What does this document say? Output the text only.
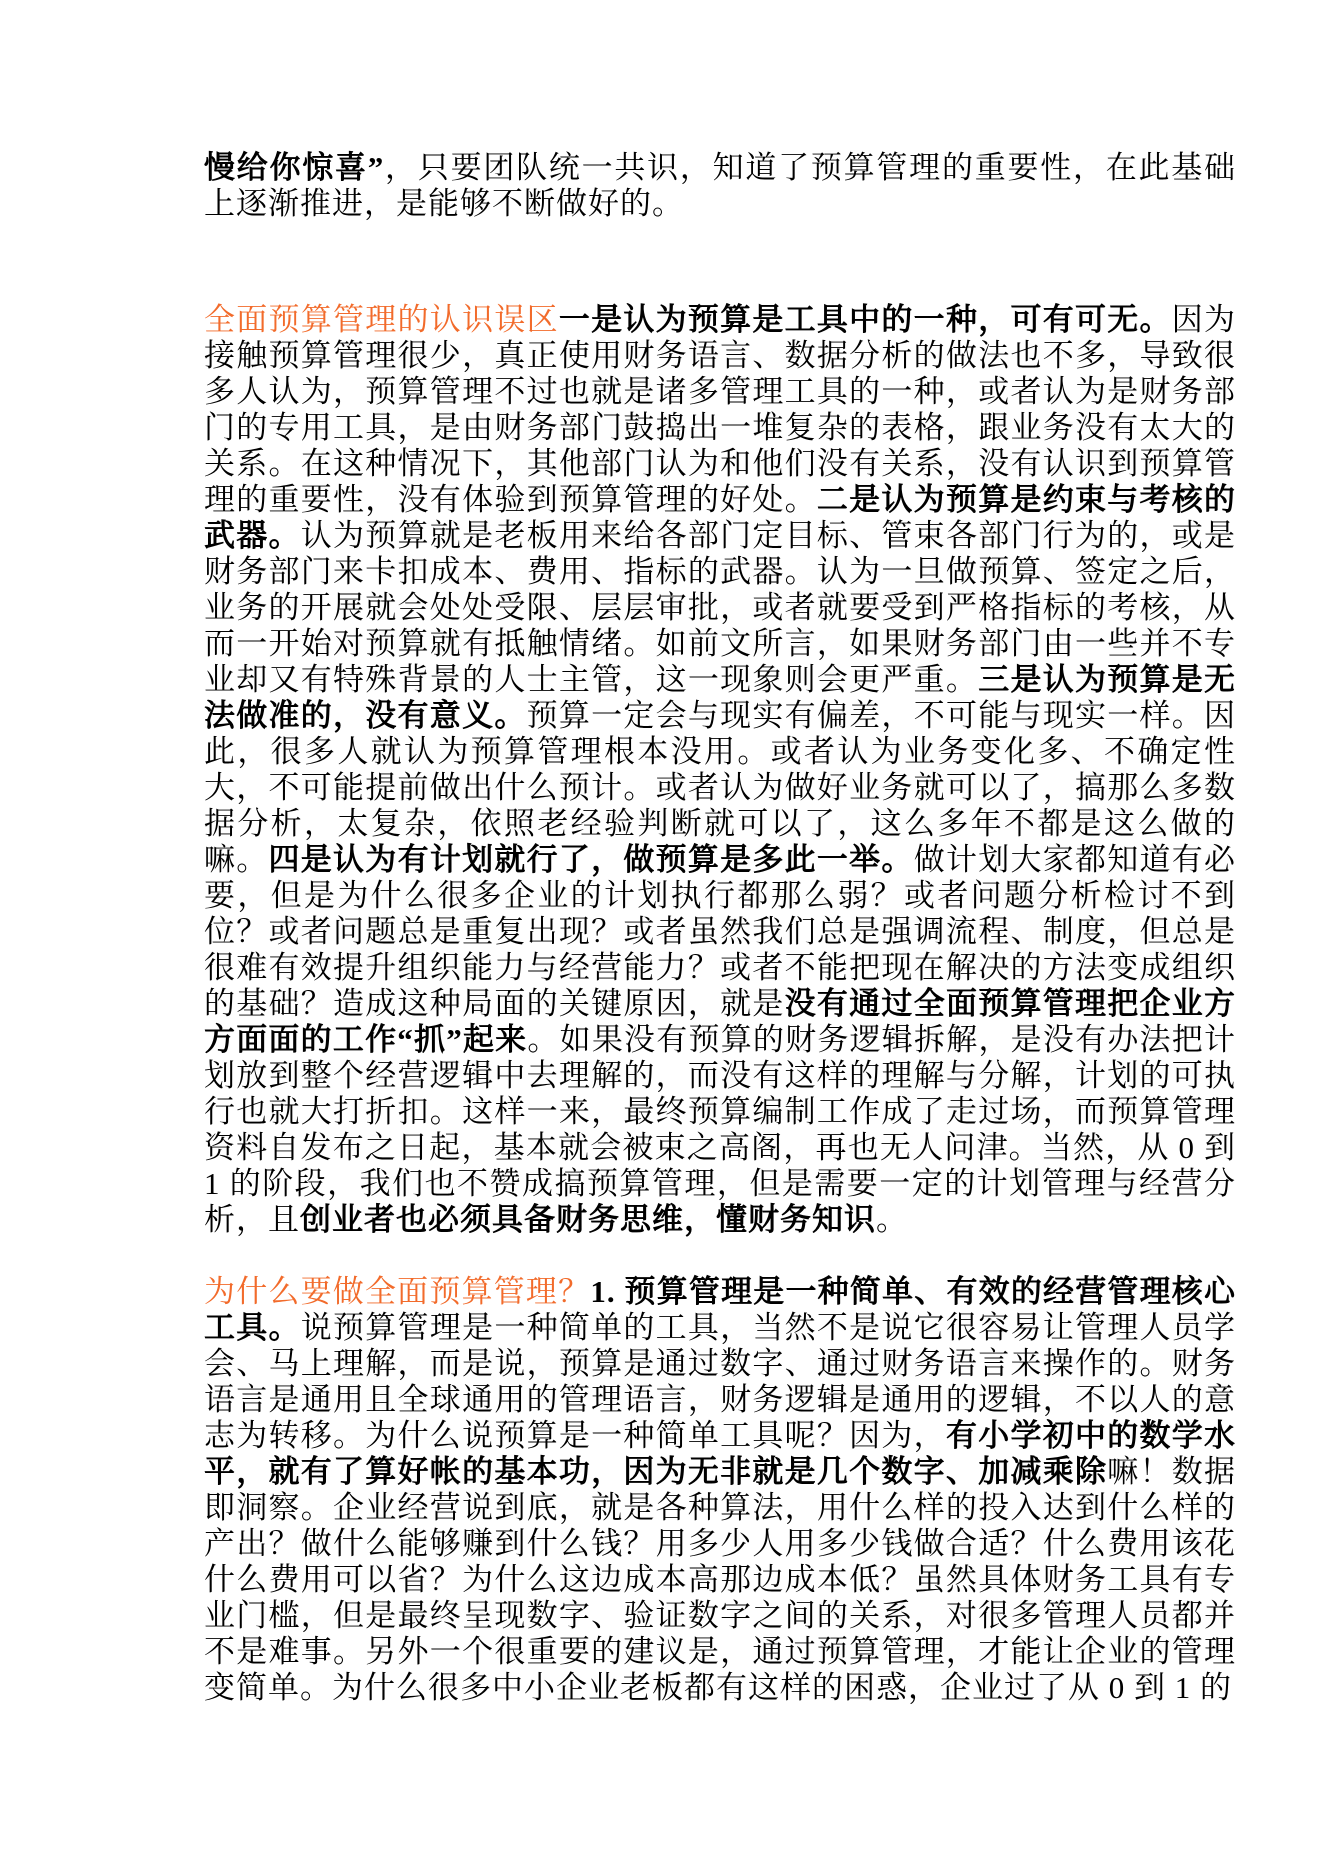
慢给你惊喜”，只要团队统一共识，知道了预算管理的重要性，在此基础上逐渐推进，是能够不断做好的。

全面预算管理的认识误区一是认为预算是工具中的一种，可有可无。因为接触预算管理很少，真正使用财务语言、数据分析的做法也不多，导致很多人认为，预算管理不过也就是诸多管理工具的一种，或者认为是财务部门的专用工具，是由财务部门鼓捣出一堆复杂的表格，跟业务没有太大的关系。在这种情况下，其他部门认为和他们没有关系，没有认识到预算管理的重要性，没有体验到预算管理的好处。二是认为预算是约束与考核的武器。认为预算就是老板用来给各部门定目标、管束各部门行为的，或是财务部门来卡扣成本、费用、指标的武器。认为一旦做预算、签定之后，业务的开展就会处处受限、层层审批，或者就要受到严格指标的考核，从而一开始对预算就有抵触情绪。如前文所言，如果财务部门由一些并不专业却又有特殊背景的人士主管，这一现象则会更严重。三是认为预算是无法做准的，没有意义。预算一定会与现实有偏差，不可能与现实一样。因此，很多人就认为预算管理根本没用。或者认为业务变化多、不确定性大，不可能提前做出什么预计。或者认为做好业务就可以了，搞那么多数据分析，太复杂，依照老经验判断就可以了，这么多年不都是这么做的嘛。四是认为有计划就行了，做预算是多此一举。做计划大家都知道有必要，但是为什么很多企业的计划执行都那么弱？或者问题分析检讨不到位？或者问题总是重复出现？或者虽然我们总是强调流程、制度，但总是很难有效提升组织能力与经营能力？或者不能把现在解决的方法变成组织的基础？造成这种局面的关键原因，就是没有通过全面预算管理把企业方方面面的工作“抓”起来。如果没有预算的财务逻辑拆解，是没有办法把计划放到整个经营逻辑中去理解的，而没有这样的理解与分解，计划的可执行也就大打折扣。这样一来，最终预算编制工作成了走过场，而预算管理资料自发布之日起，基本就会被束之高阁，再也无人问津。当然，从 0 到 1 的阶段，我们也不赞成搞预算管理，但是需要一定的计划管理与经营分析，且创业者也必须具备财务思维，懂财务知识。

为什么要做全面预算管理？1. 预算管理是一种简单、有效的经营管理核心工具。说预算管理是一种简单的工具，当然不是说它很容易让管理人员学会、马上理解，而是说，预算是通过数字、通过财务语言来操作的。财务语言是通用且全球通用的管理语言，财务逻辑是通用的逻辑，不以人的意志为转移。为什么说预算是一种简单工具呢？因为，有小学初中的数学水平，就有了算好帐的基本功，因为无非就是几个数字、加减乘除嘛！数据即洞察。企业经营说到底，就是各种算法，用什么样的投入达到什么样的产出？做什么能够赚到什么钱？用多少人用多少钱做合适？什么费用该花什么费用可以省？为什么这边成本高那边成本低？虽然具体财务工具有专业门槛，但是最终呈现数字、验证数字之间的关系，对很多管理人员都并不是难事。另外一个很重要的建议是，通过预算管理，才能让企业的管理变简单。为什么很多中小企业老板都有这样的困惑，企业过了从 0 到 1 的
